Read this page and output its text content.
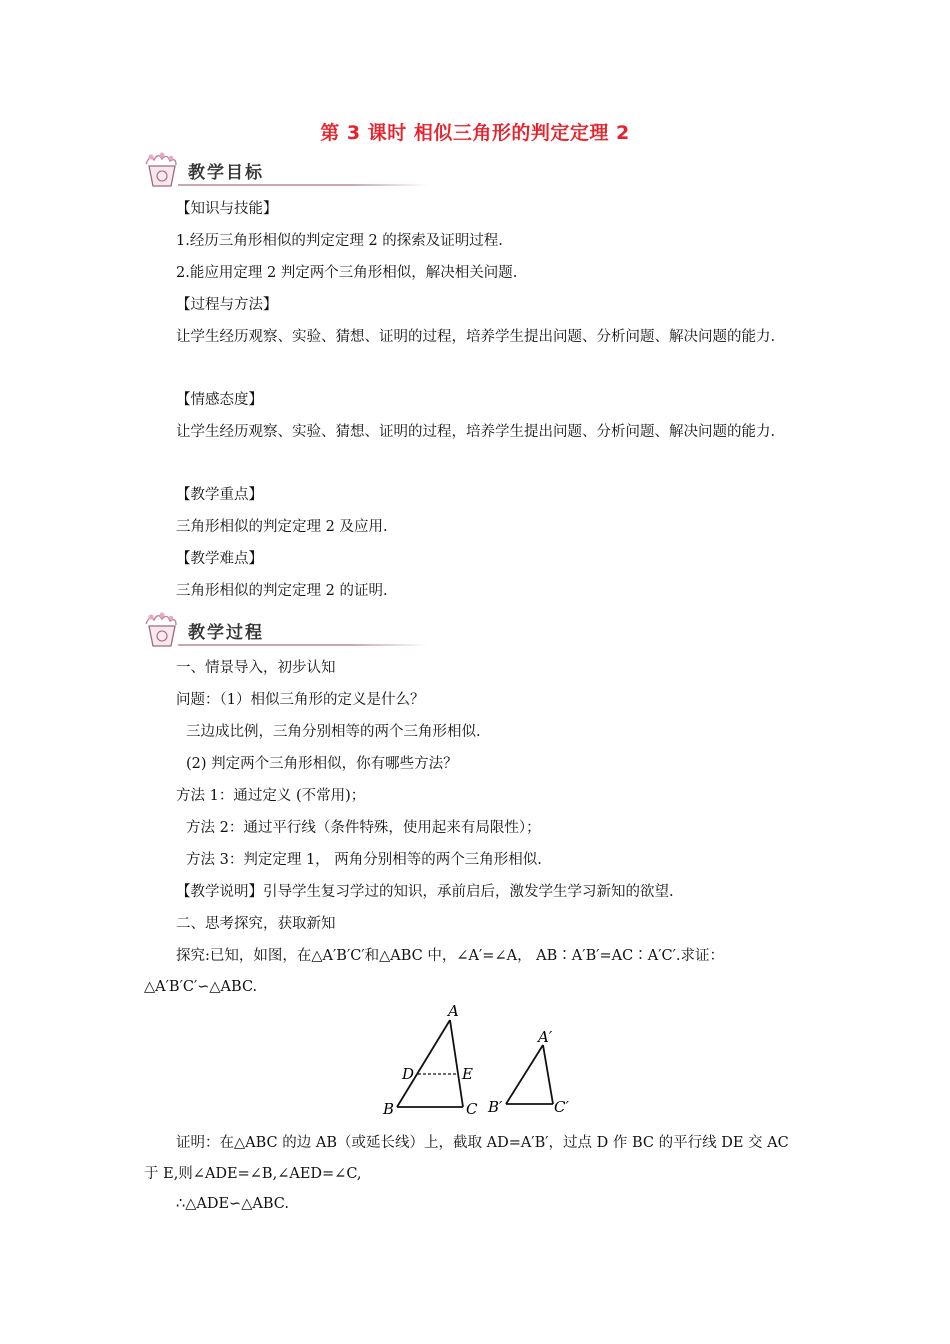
第 3 课时 相似三角形的判定定理 2
教学目标
【知识与技能】
1.经历三角形相似的判定定理 2 的探索及证明过程.
2.能应用定理 2 判定两个三角形相似，解决相关问题.
【过程与方法】
让学生经历观察、实验、猜想、证明的过程，培养学生提出问题、分析问题、解决问题的能力.
【情感态度】
让学生经历观察、实验、猜想、证明的过程，培养学生提出问题、分析问题、解决问题的能力.
【教学重点】
三角形相似的判定定理 2 及应用.
【教学难点】
三角形相似的判定定理 2 的证明.
教学过程
一、情景导入，初步认知
问题：（1）相似三角形的定义是什么？
三边成比例，三角分别相等的两个三角形相似.
(2) 判定两个三角形相似，你有哪些方法？
方法 1：通过定义 (不常用)；
方法 2：通过平行线（条件特殊，使用起来有局限性）；
方法 3：判定定理 1， 两角分别相等的两个三角形相似.
【教学说明】引导学生复习学过的知识，承前启后，激发学生学习新知的欲望.
二、思考探究，获取新知
探究:已知，如图，在△A′B′C′和△ABC 中，∠A′=∠A， AB∶A′B′=AC∶A′C′.求证： △A′B′C′∽△ABC.
A
B	C
D	E
A′
B′	C′
证明：在△ABC 的边 AB（或延长线）上，截取 AD=A′B′，过点 D 作 BC 的平行线 DE 交 AC 于 E,则∠ADE=∠B,∠AED=∠C,
∴△ADE∽△ABC.
